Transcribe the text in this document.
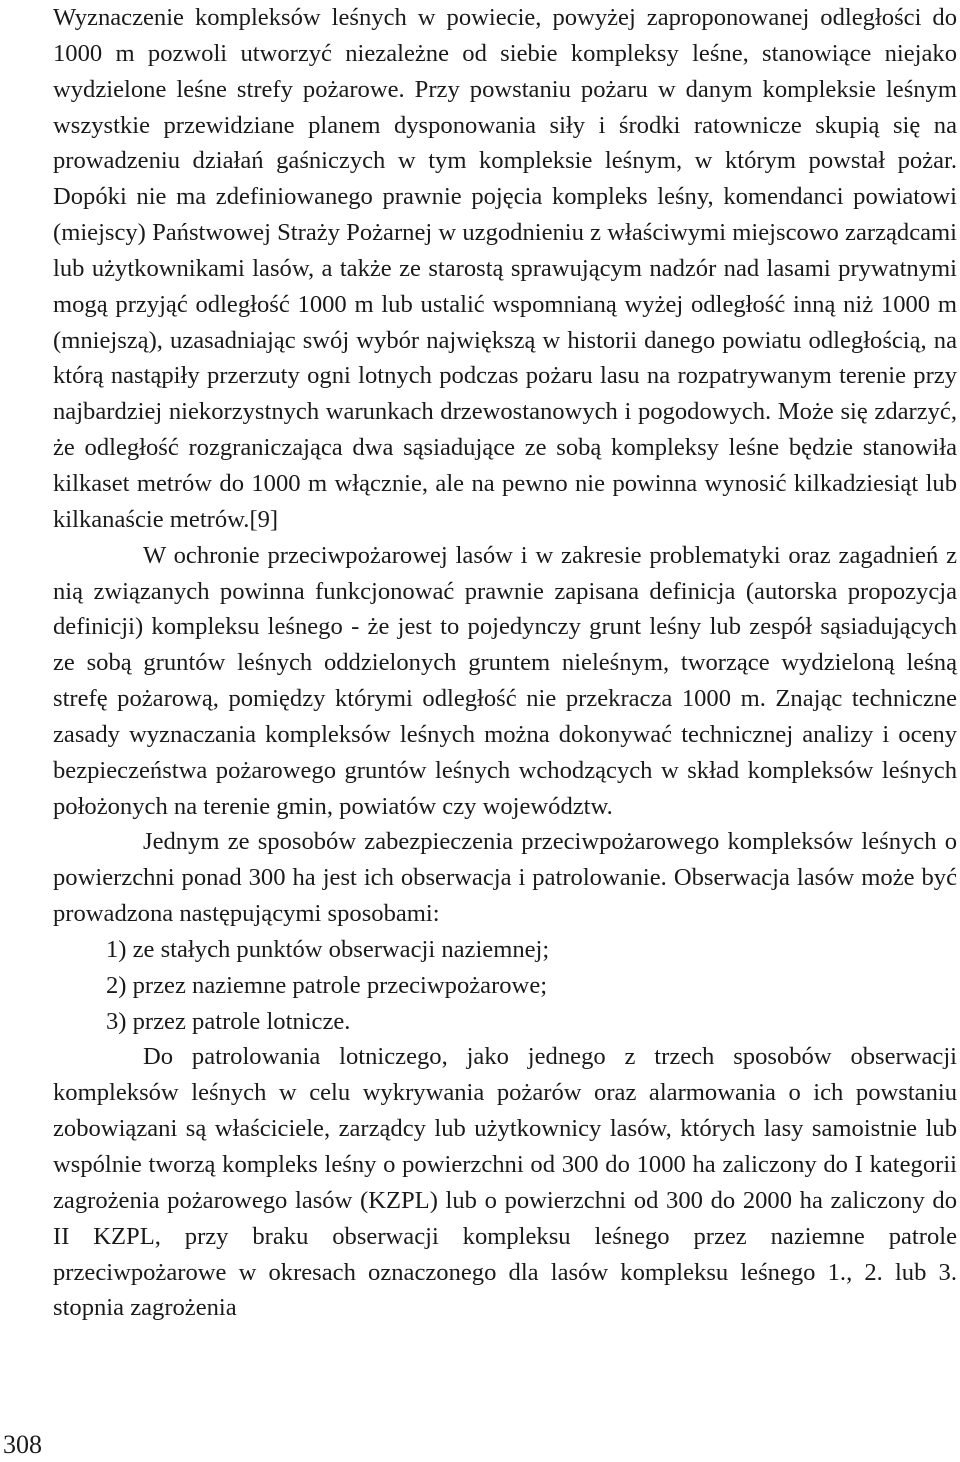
Wyznaczenie kompleksów leśnych w powiecie, powyżej zaproponowanej odległości do 1000 m pozwoli utworzyć niezależne od siebie kompleksy leśne, stanowiące niejako wydzielone leśne strefy pożarowe. Przy powstaniu pożaru w danym kompleksie leśnym wszystkie przewidziane planem dysponowania siły i środki ratownicze skupią się na prowadzeniu działań gaśniczych w tym kompleksie leśnym, w którym powstał pożar. Dopóki nie ma zdefiniowanego prawnie pojęcia kompleks leśny, komendanci powiatowi (miejscy) Państwowej Straży Pożarnej w uzgodnieniu z właściwymi miejscowo zarządcami lub użytkownikami lasów, a także ze starostą sprawującym nadzór nad lasami prywatnymi mogą przyjąć odległość 1000 m lub ustalić wspomnianą wyżej odległość inną niż 1000 m (mniejszą), uzasadniając swój wybór największą w historii danego powiatu odległością, na którą nastąpiły przerzuty ogni lotnych podczas pożaru lasu na rozpatrywanym terenie przy najbardziej niekorzystnych warunkach drzewostanowych i pogodowych. Może się zdarzyć, że odległość rozgraniczająca dwa sąsiadujące ze sobą kompleksy leśne będzie stanowiła kilkaset metrów do 1000 m włącznie, ale na pewno nie powinna wynosić kilkadziesiąt lub kilkanaście metrów.[9]

W ochronie przeciwpożarowej lasów i w zakresie problematyki oraz zagadnień z nią związanych powinna funkcjonować prawnie zapisana definicja (autorska propozycja definicji) kompleksu leśnego - że jest to pojedynczy grunt leśny lub zespół sąsiadujących ze sobą gruntów leśnych oddzielonych gruntem nieleśnym, tworzące wydzieloną leśną strefę pożarową, pomiędzy którymi odległość nie przekracza 1000 m. Znając techniczne zasady wyznaczania kompleksów leśnych można dokonywać technicznej analizy i oceny bezpieczeństwa pożarowego gruntów leśnych wchodzących w skład kompleksów leśnych położonych na terenie gmin, powiatów czy województw.

Jednym ze sposobów zabezpieczenia przeciwpożarowego kompleksów leśnych o powierzchni ponad 300 ha jest ich obserwacja i patrolowanie. Obserwacja lasów może być prowadzona następującymi sposobami:

1) ze stałych punktów obserwacji naziemnej;
2) przez naziemne patrole przeciwpożarowe;
3) przez patrole lotnicze.

Do patrolowania lotniczego, jako jednego z trzech sposobów obserwacji kompleksów leśnych w celu wykrywania pożarów oraz alarmowania o ich powstaniu zobowiązani są właściciele, zarządcy lub użytkownicy lasów, których lasy samoistnie lub wspólnie tworzą kompleks leśny o powierzchni od 300 do 1000 ha zaliczony do I kategorii zagrożenia pożarowego lasów (KZPL) lub o powierzchni od 300 do 2000 ha zaliczony do II KZPL, przy braku obserwacji kompleksu leśnego przez naziemne patrole przeciwpożarowe w okresach oznaczonego dla lasów kompleksu leśnego 1., 2. lub 3. stopnia zagrożenia

308
